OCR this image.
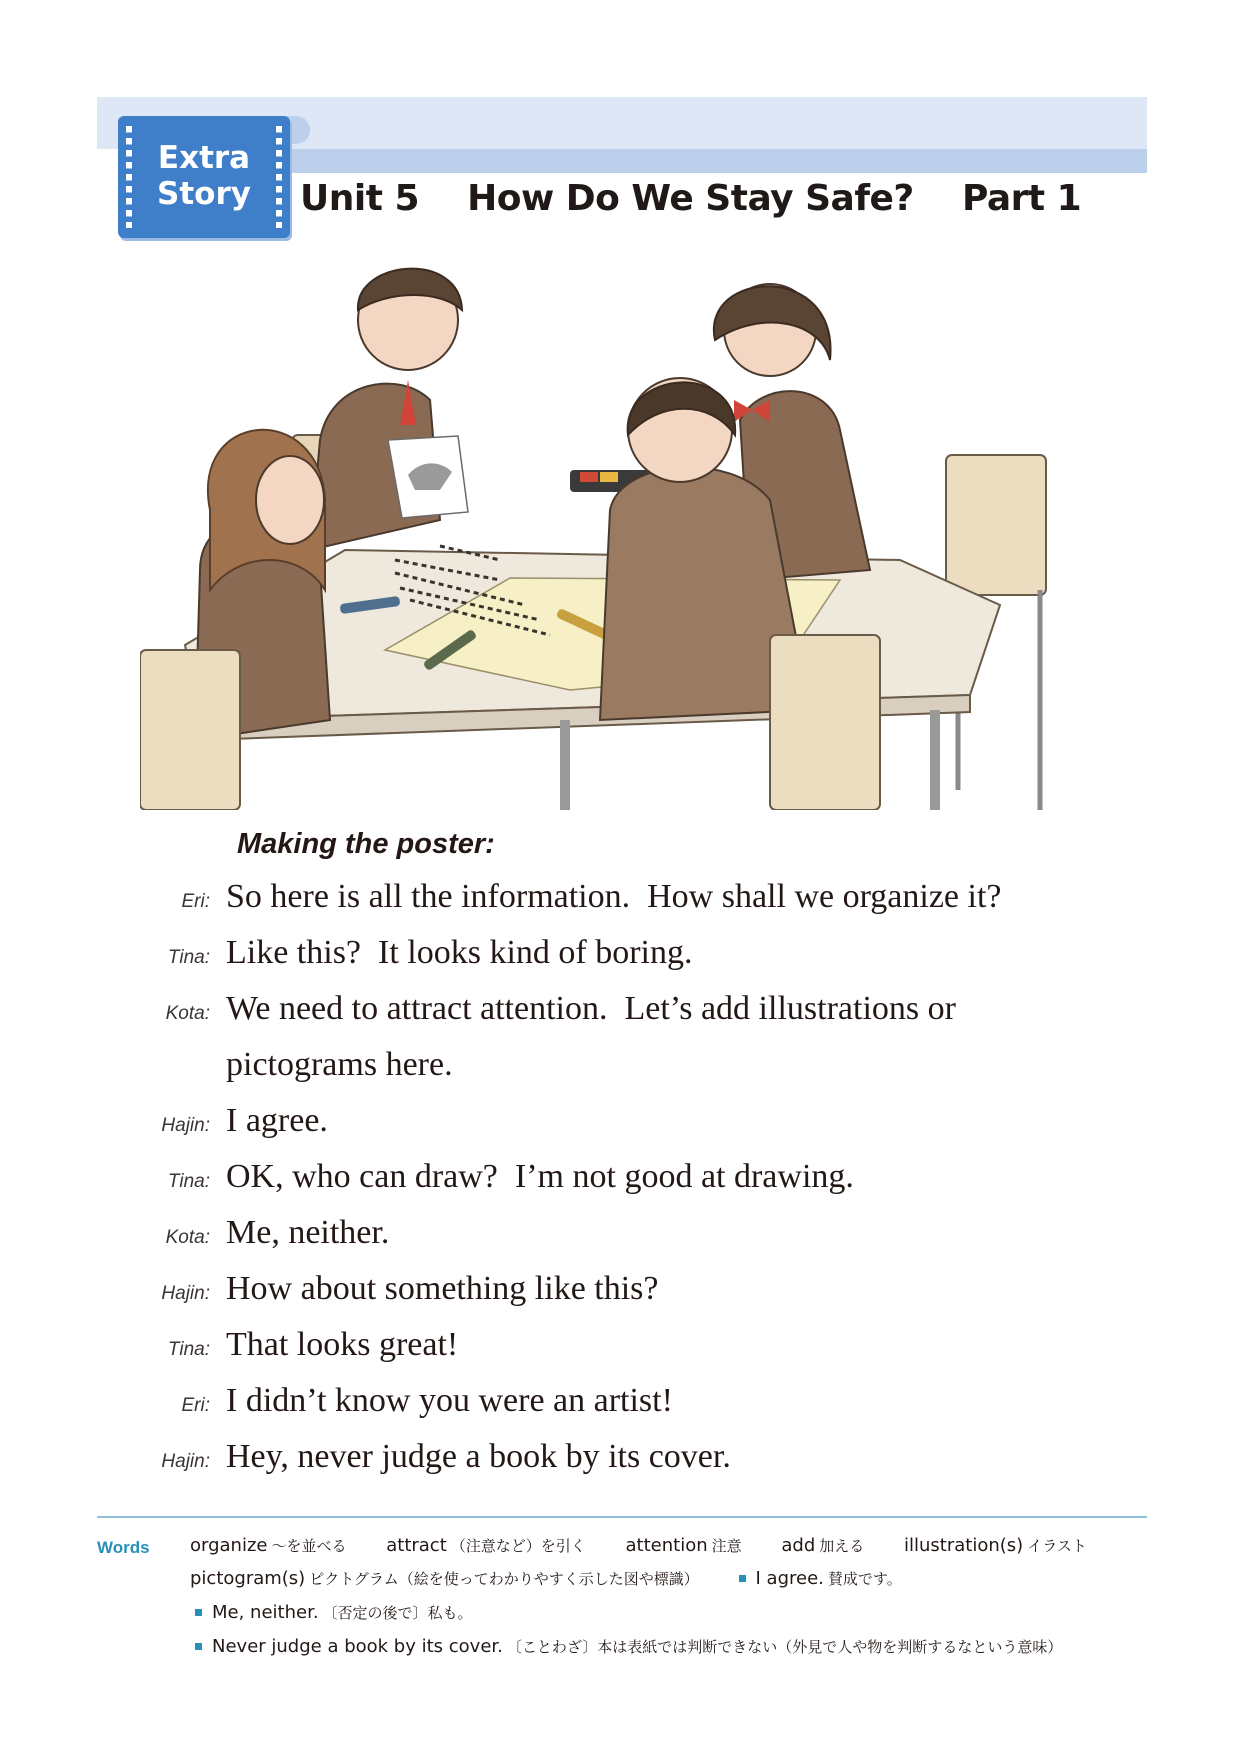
Extra
Story	Unit 5    How Do We Stay Safe?    Part 1
Making the poster:
Eri: So here is all the information.  How shall we organize it?
Tina: Like this?  It looks kind of boring.
Kota: We need to attract attention.  Let’s add illustrations or
pictograms here.
Hajin: I agree.
Tina: OK, who can draw?  I’m not good at drawing.
Kota: Me, neither.
Hajin: How about something like this?
Tina: That looks great!
Eri: I didn’t know you were an artist!
Hajin: Hey, never judge a book by its cover.
Words organize ～を並べる attract （注意など）を引く attention 注意 add 加える illustration(s) イラスト
pictogram(s) ピクトグラム（絵を使ってわかりやすく示した図や標識）	I agree. 賛成です。
Me, neither. 〔否定の後で〕私も。
Never judge a book by its cover. 〔ことわざ〕本は表紙では判断できない（外見で人や物を判断するなという意味）
